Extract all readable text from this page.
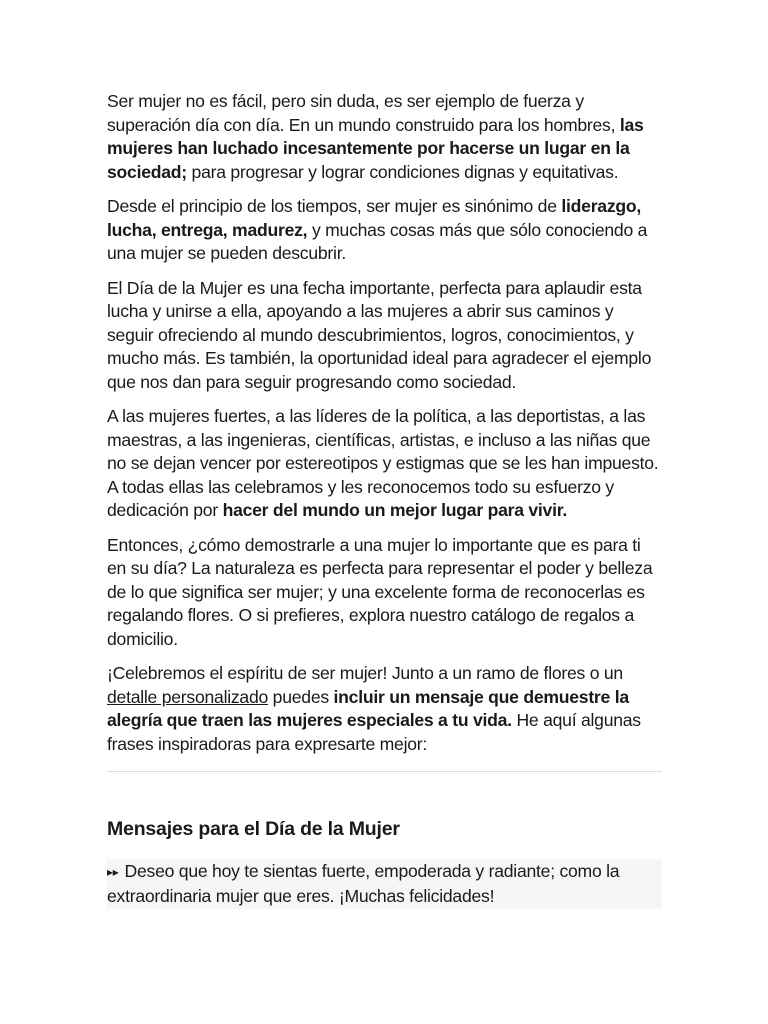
Ser mujer no es fácil, pero sin duda, es ser ejemplo de fuerza y superación día con día. En un mundo construido para los hombres, las mujeres han luchado incesantemente por hacerse un lugar en la sociedad; para progresar y lograr condiciones dignas y equitativas.

Desde el principio de los tiempos, ser mujer es sinónimo de liderazgo, lucha, entrega, madurez, y muchas cosas más que sólo conociendo a una mujer se pueden descubrir.

El Día de la Mujer es una fecha importante, perfecta para aplaudir esta lucha y unirse a ella, apoyando a las mujeres a abrir sus caminos y seguir ofreciendo al mundo descubrimientos, logros, conocimientos, y mucho más. Es también, la oportunidad ideal para agradecer el ejemplo que nos dan para seguir progresando como sociedad.

A las mujeres fuertes, a las líderes de la política, a las deportistas, a las maestras, a las ingenieras, científicas, artistas, e incluso a las niñas que no se dejan vencer por estereotipos y estigmas que se les han impuesto. A todas ellas las celebramos y les reconocemos todo su esfuerzo y dedicación por hacer del mundo un mejor lugar para vivir.

Entonces, ¿cómo demostrarle a una mujer lo importante que es para ti en su día? La naturaleza es perfecta para representar el poder y belleza de lo que significa ser mujer; y una excelente forma de reconocerlas es regalando flores. O si prefieres, explora nuestro catálogo de regalos a domicilio.

¡Celebremos el espíritu de ser mujer! Junto a un ramo de flores o un detalle personalizado puedes incluir un mensaje que demuestre la alegría que traen las mujeres especiales a tu vida. He aquí algunas frases inspiradoras para expresarte mejor:

Mensajes para el Día de la Mujer
▸▸ Deseo que hoy te sientas fuerte, empoderada y radiante; como la extraordinaria mujer que eres. ¡Muchas felicidades!
